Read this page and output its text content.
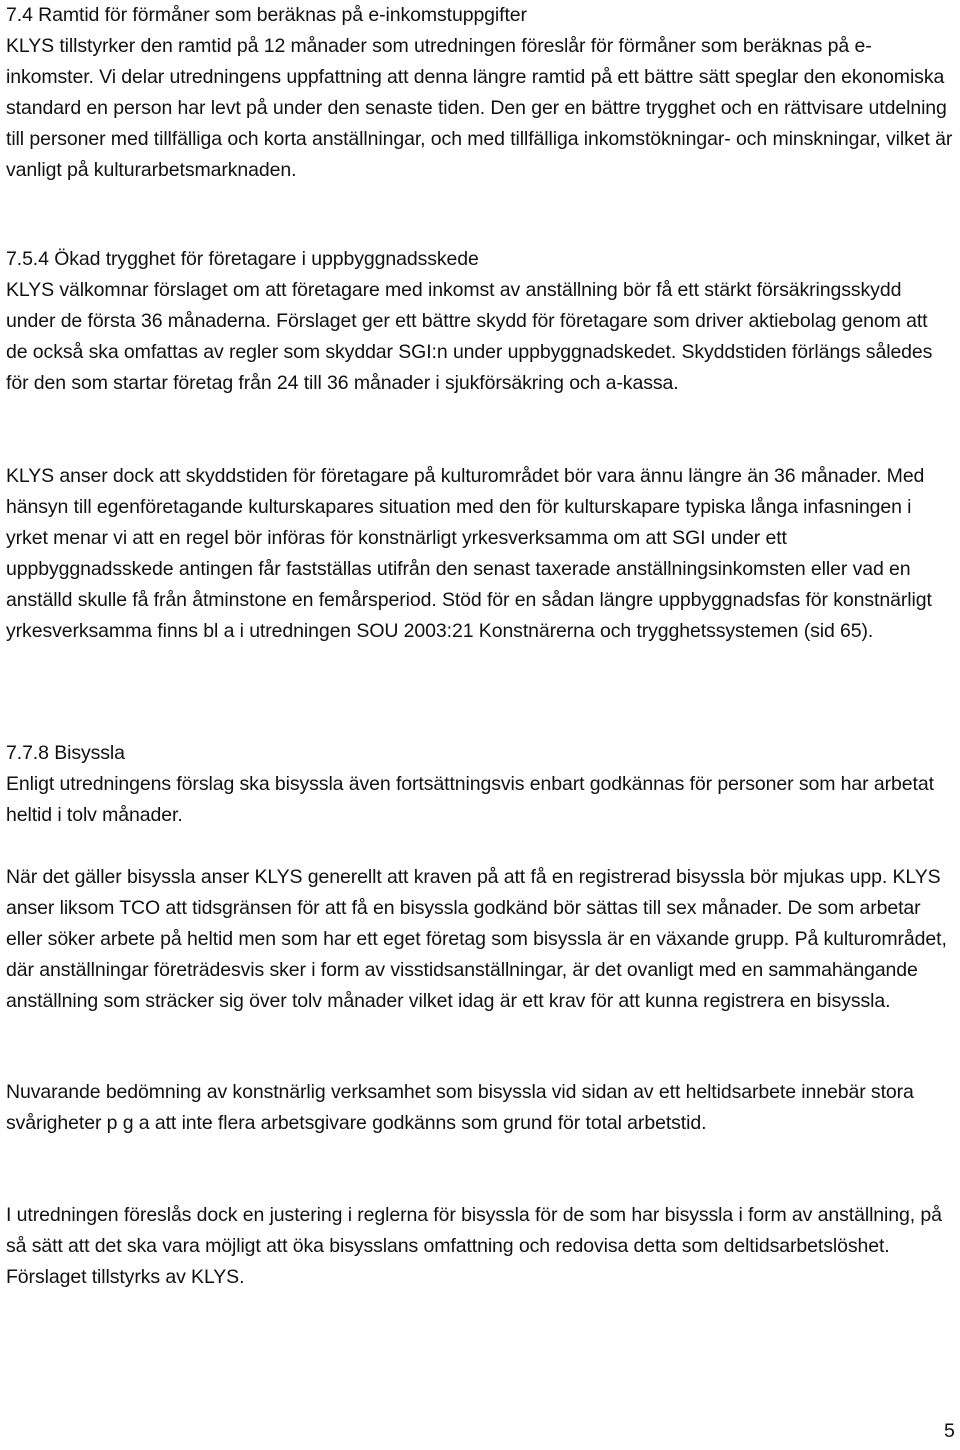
7.4 Ramtid för förmåner som beräknas på e-inkomstuppgifter
KLYS tillstyrker den ramtid på 12 månader som utredningen föreslår för förmåner som beräknas på e-inkomster. Vi delar utredningens uppfattning att denna längre ramtid på ett bättre sätt speglar den ekonomiska standard en person har levt på under den senaste tiden. Den ger en bättre trygghet och en rättvisare utdelning till personer med tillfälliga och korta anställningar, och med tillfälliga inkomstökningar- och minskningar, vilket är vanligt på kulturarbetsmarknaden.
7.5.4 Ökad trygghet för företagare i uppbyggnadsskede
KLYS välkomnar förslaget om att företagare med inkomst av anställning bör få ett stärkt försäkringsskydd under de första 36 månaderna. Förslaget ger ett bättre skydd för företagare som driver aktiebolag genom att de också ska omfattas av regler som skyddar SGI:n under uppbyggnadskedet. Skyddstiden förlängs således för den som startar företag från 24 till 36 månader i sjukförsäkring och a-kassa.
KLYS anser dock att skyddstiden för företagare på kulturområdet bör vara ännu längre än 36 månader. Med hänsyn till egenföretagande kulturskapares situation med den för kulturskapare typiska långa infasningen i yrket menar vi att en regel bör införas för konstnärligt yrkesverksamma om att SGI under ett uppbyggnadsskede antingen får fastställas utifrån den senast taxerade anställningsinkomsten eller vad en anställd skulle få från åtminstone en femårsperiod. Stöd för en sådan längre uppbyggnadsfas för konstnärligt yrkesverksamma finns bl a i utredningen SOU 2003:21 Konstnärerna och trygghetssystemen (sid 65).
7.7.8 Bisyssla
Enligt utredningens förslag ska bisyssla även fortsättningsvis enbart godkännas för personer som har arbetat heltid i tolv månader.
När det gäller bisyssla anser KLYS generellt att kraven på att få en registrerad bisyssla bör mjukas upp. KLYS anser liksom TCO att tidsgränsen för att få en bisyssla godkänd bör sättas till sex månader. De som arbetar eller söker arbete på heltid men som har ett eget företag som bisyssla är en växande grupp. På kulturområdet, där anställningar företrädesvis sker i form av visstidsanställningar, är det ovanligt med en sammahängande anställning som sträcker sig över tolv månader vilket idag är ett krav för att kunna registrera en bisyssla.
Nuvarande bedömning av konstnärlig verksamhet som bisyssla vid sidan av ett heltidsarbete innebär stora svårigheter p g a att inte flera arbetsgivare godkänns som grund för total arbetstid.
I utredningen föreslås dock en justering i reglerna för bisyssla för de som har bisyssla i form av anställning, på så sätt att det ska vara möjligt att öka bisysslans omfattning och redovisa detta som deltidsarbetslöshet. Förslaget tillstyrks av KLYS.
5
